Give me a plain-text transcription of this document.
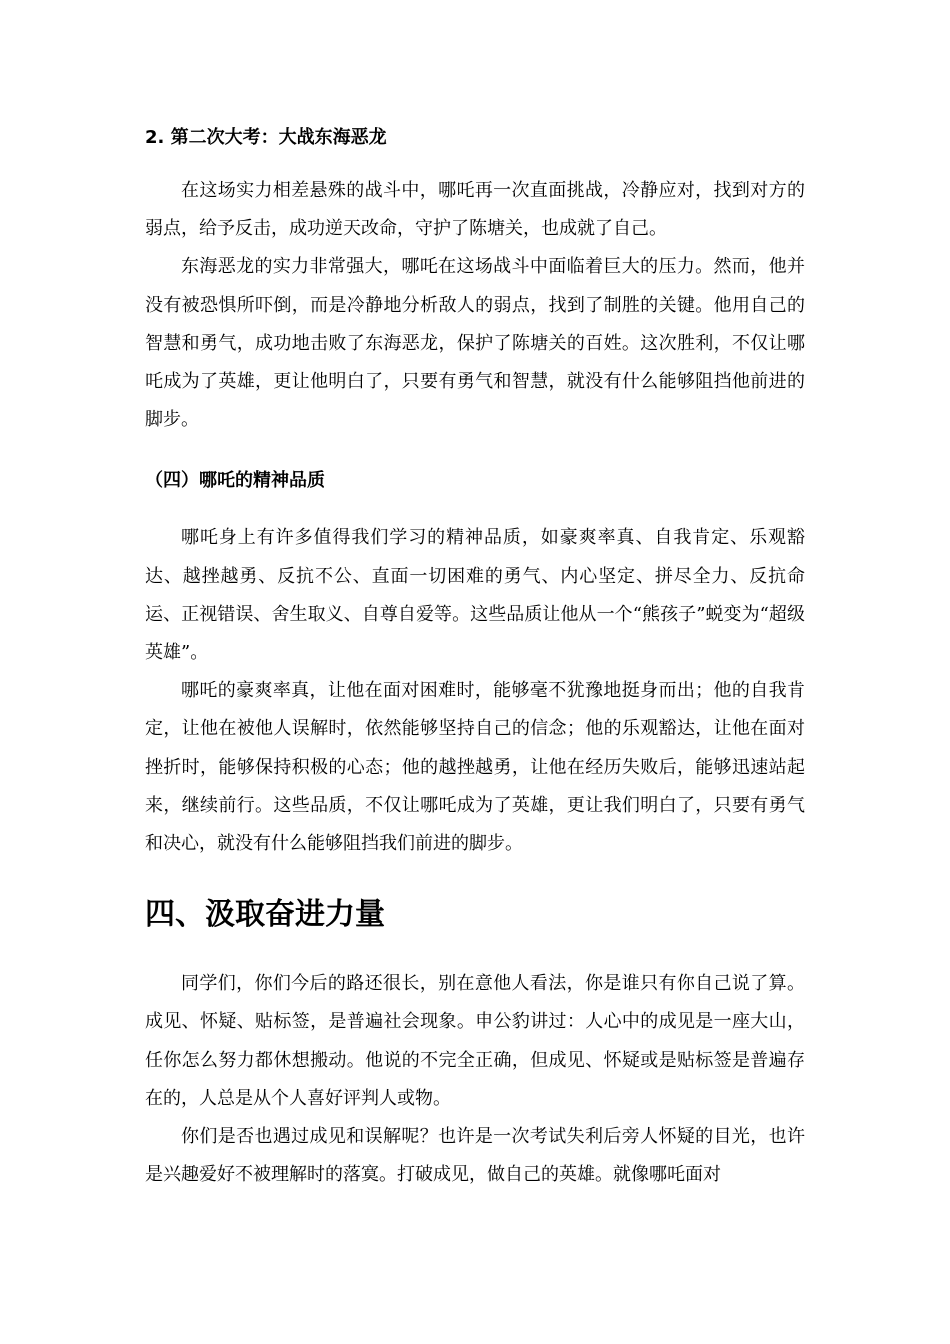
2. 第二次大考：大战东海恶龙

在这场实力相差悬殊的战斗中，哪吒再一次直面挑战，冷静应对，找到对方的弱点，给予反击，成功逆天改命，守护了陈塘关，也成就了自己。

东海恶龙的实力非常强大，哪吒在这场战斗中面临着巨大的压力。然而，他并没有被恐惧所吓倒，而是冷静地分析敌人的弱点，找到了制胜的关键。他用自己的智慧和勇气，成功地击败了东海恶龙，保护了陈塘关的百姓。这次胜利，不仅让哪吒成为了英雄，更让他明白了，只要有勇气和智慧，就没有什么能够阻挡他前进的脚步。

（四）哪吒的精神品质

哪吒身上有许多值得我们学习的精神品质，如豪爽率真、自我肯定、乐观豁达、越挫越勇、反抗不公、直面一切困难的勇气、内心坚定、拼尽全力、反抗命运、正视错误、舍生取义、自尊自爱等。这些品质让他从一个“熊孩子”蜕变为“超级英雄”。

哪吒的豪爽率真，让他在面对困难时，能够毫不犹豫地挺身而出；他的自我肯定，让他在被他人误解时，依然能够坚持自己的信念；他的乐观豁达，让他在面对挫折时，能够保持积极的心态；他的越挫越勇，让他在经历失败后，能够迅速站起来，继续前行。这些品质，不仅让哪吒成为了英雄，更让我们明白了，只要有勇气和决心，就没有什么能够阻挡我们前进的脚步。

四、汲取奋进力量

同学们，你们今后的路还很长，别在意他人看法，你是谁只有你自己说了算。成见、怀疑、贴标签，是普遍社会现象。申公豹讲过：人心中的成见是一座大山，任你怎么努力都休想搬动。他说的不完全正确，但成见、怀疑或是贴标签是普遍存在的，人总是从个人喜好评判人或物。

你们是否也遇过成见和误解呢？也许是一次考试失利后旁人怀疑的目光，也许是兴趣爱好不被理解时的落寞。打破成见，做自己的英雄。就像哪吒面对
